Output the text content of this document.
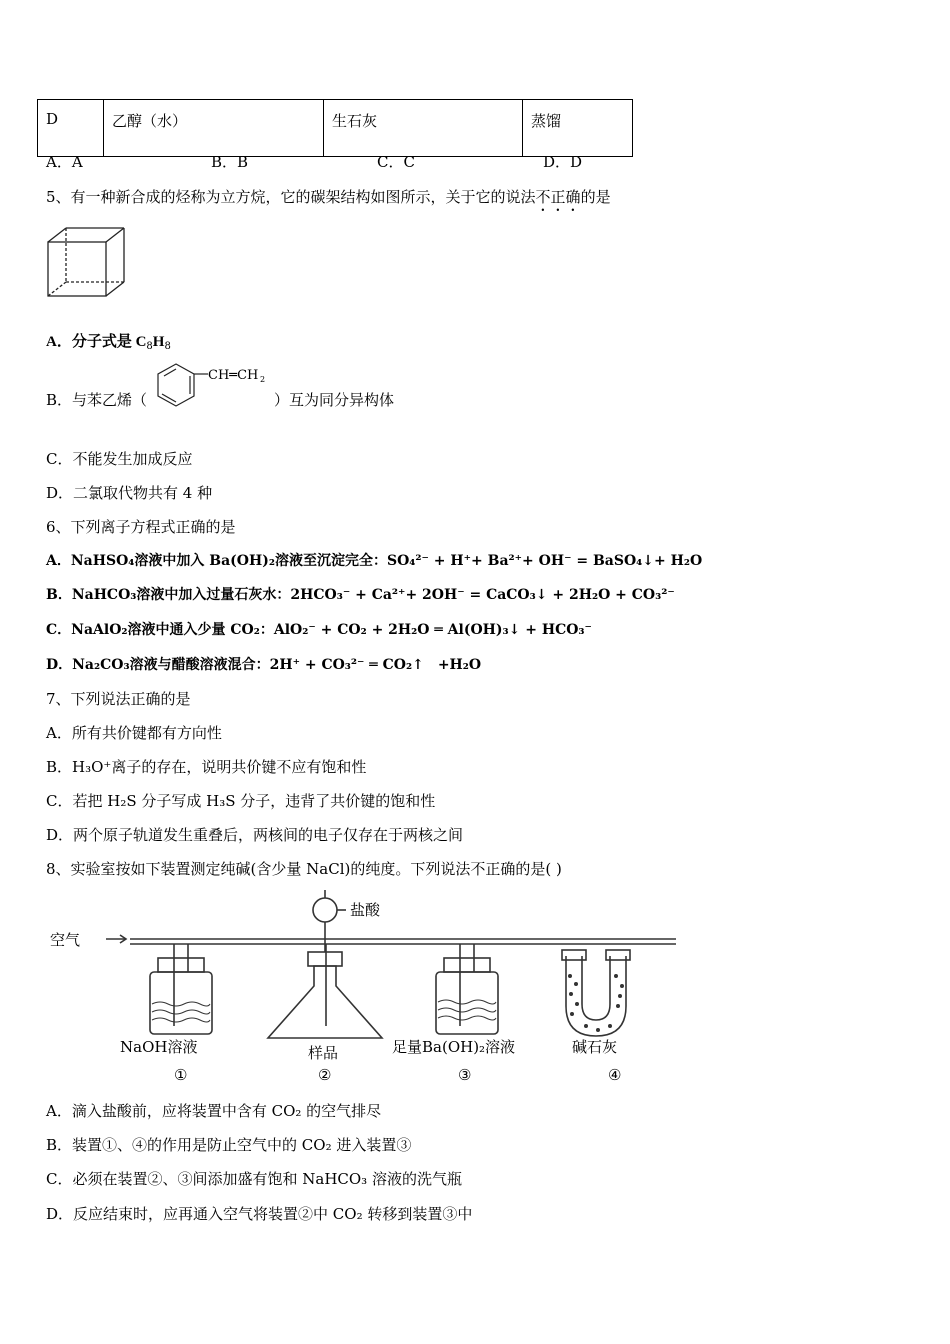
D	乙醇（水）	生石灰	蒸馏
A．A	B．B	C．C	D．D
5、有一种新合成的烃称为立方烷，它的碳架结构如图所示，关于它的说法不正确的是
A．分子式是 $C_8H_8$
B．与苯乙烯（
CH═CH 2
）互为同分异构体
C．不能发生加成反应
D．二氯取代物共有 4 种
6、下列离子方程式正确的是
A．NaHSO₄溶液中加入 Ba(OH)₂溶液至沉淀完全：SO₄²⁻ + H⁺+ Ba²⁺+ OH⁻ = BaSO₄↓+ H₂O
B．NaHCO₃溶液中加入过量石灰水：2HCO₃⁻ + Ca²⁺+ 2OH⁻ = CaCO₃↓ + 2H₂O + CO₃²⁻
C．NaAlO₂溶液中通入少量 CO₂：AlO₂⁻ + CO₂ + 2H₂O ═ Al(OH)₃↓ + HCO₃⁻
D．Na₂CO₃溶液与醋酸溶液混合：2H⁺ + CO₃²⁻ ═ CO₂↑　+H₂O
7、下列说法正确的是
A．所有共价键都有方向性
B．H₃O⁺离子的存在，说明共价键不应有饱和性
C．若把 H₂S 分子写成 H₃S 分子，违背了共价键的饱和性
D．两个原子轨道发生重叠后，两核间的电子仅存在于两核之间
8、实验室按如下装置测定纯碱(含少量 NaCl)的纯度。下列说法不正确的是( )
空气
盐酸
NaOH溶液	样品	足量Ba(OH)₂溶液	碱石灰
①	②	③	④
A．滴入盐酸前，应将装置中含有 CO₂ 的空气排尽
B．装置①、④的作用是防止空气中的 CO₂ 进入装置③
C．必须在装置②、③间添加盛有饱和 NaHCO₃ 溶液的洗气瓶
D．反应结束时，应再通入空气将装置②中 CO₂ 转移到装置③中
